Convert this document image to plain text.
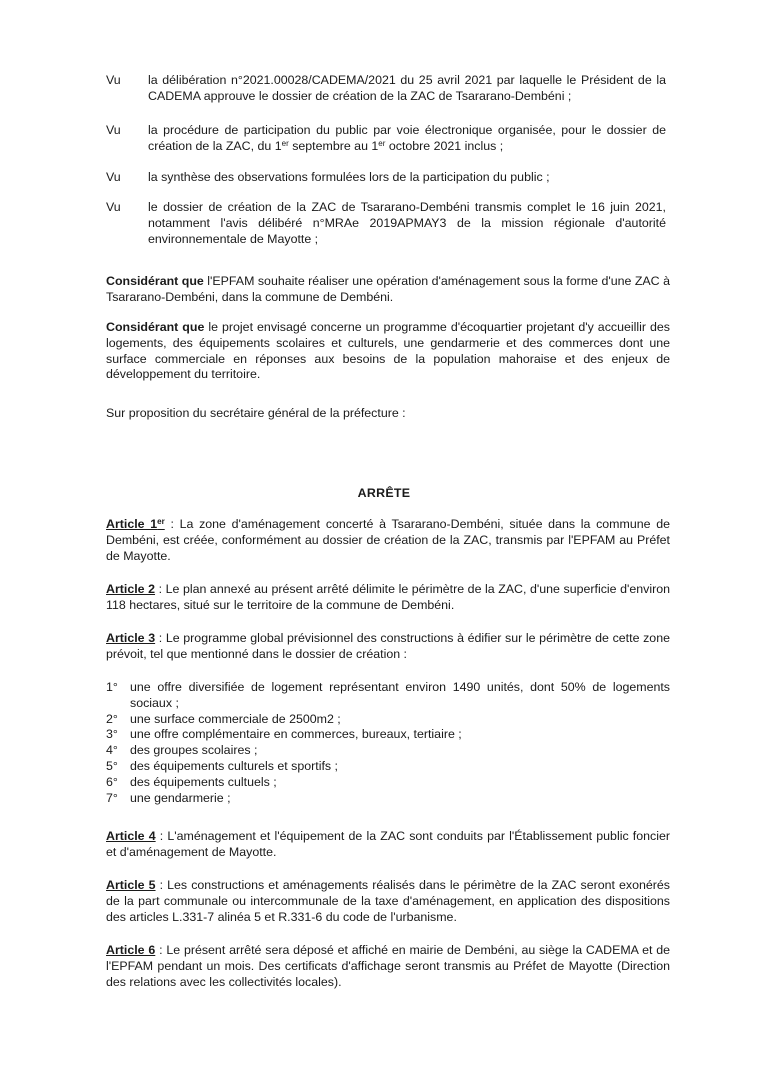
Vu	la délibération n°2021.00028/CADEMA/2021 du 25 avril 2021 par laquelle le Président de la CADEMA approuve le dossier de création de la ZAC de Tsararano-Dembéni ;
Vu	la procédure de participation du public par voie électronique organisée, pour le dossier de création de la ZAC, du 1er septembre au 1er octobre 2021 inclus ;
Vu	la synthèse des observations formulées lors de la participation du public ;
Vu	le dossier de création de la ZAC de Tsararano-Dembéni transmis complet le 16 juin 2021, notamment l'avis délibéré n°MRAe 2019APMAY3 de la mission régionale d'autorité environnementale de Mayotte ;
Considérant que l'EPFAM souhaite réaliser une opération d'aménagement sous la forme d'une ZAC à Tsararano-Dembéni, dans la commune de Dembéni.
Considérant que le projet envisagé concerne un programme d'écoquartier projetant d'y accueillir des logements, des équipements scolaires et culturels, une gendarmerie et des commerces dont une surface commerciale en réponses aux besoins de la population mahoraise et des enjeux de développement du territoire.
Sur proposition du secrétaire général de la préfecture :
ARRÊTE
Article 1er : La zone d'aménagement concerté à Tsararano-Dembéni, située dans la commune de Dembéni, est créée, conformément au dossier de création de la ZAC, transmis par l'EPFAM au Préfet de Mayotte.
Article 2 : Le plan annexé au présent arrêté délimite le périmètre de la ZAC, d'une superficie d'environ 118 hectares, situé sur le territoire de la commune de Dembéni.
Article 3 : Le programme global prévisionnel des constructions à édifier sur le périmètre de cette zone prévoit, tel que mentionné dans le dossier de création :
1° une offre diversifiée de logement représentant environ 1490 unités, dont 50% de logements sociaux ;
2° une surface commerciale de 2500m2 ;
3° une offre complémentaire en commerces, bureaux, tertiaire ;
4° des groupes scolaires ;
5° des équipements culturels et sportifs ;
6° des équipements cultuels ;
7° une gendarmerie ;
Article 4 : L'aménagement et l'équipement de la ZAC sont conduits par l'Établissement public foncier et d'aménagement de Mayotte.
Article 5 : Les constructions et aménagements réalisés dans le périmètre de la ZAC seront exonérés de la part communale ou intercommunale de la taxe d'aménagement, en application des dispositions des articles L.331-7 alinéa 5 et R.331-6 du code de l'urbanisme.
Article 6 : Le présent arrêté sera déposé et affiché en mairie de Dembéni, au siège la CADEMA et de l'EPFAM pendant un mois. Des certificats d'affichage seront transmis au Préfet de Mayotte (Direction des relations avec les collectivités locales).
